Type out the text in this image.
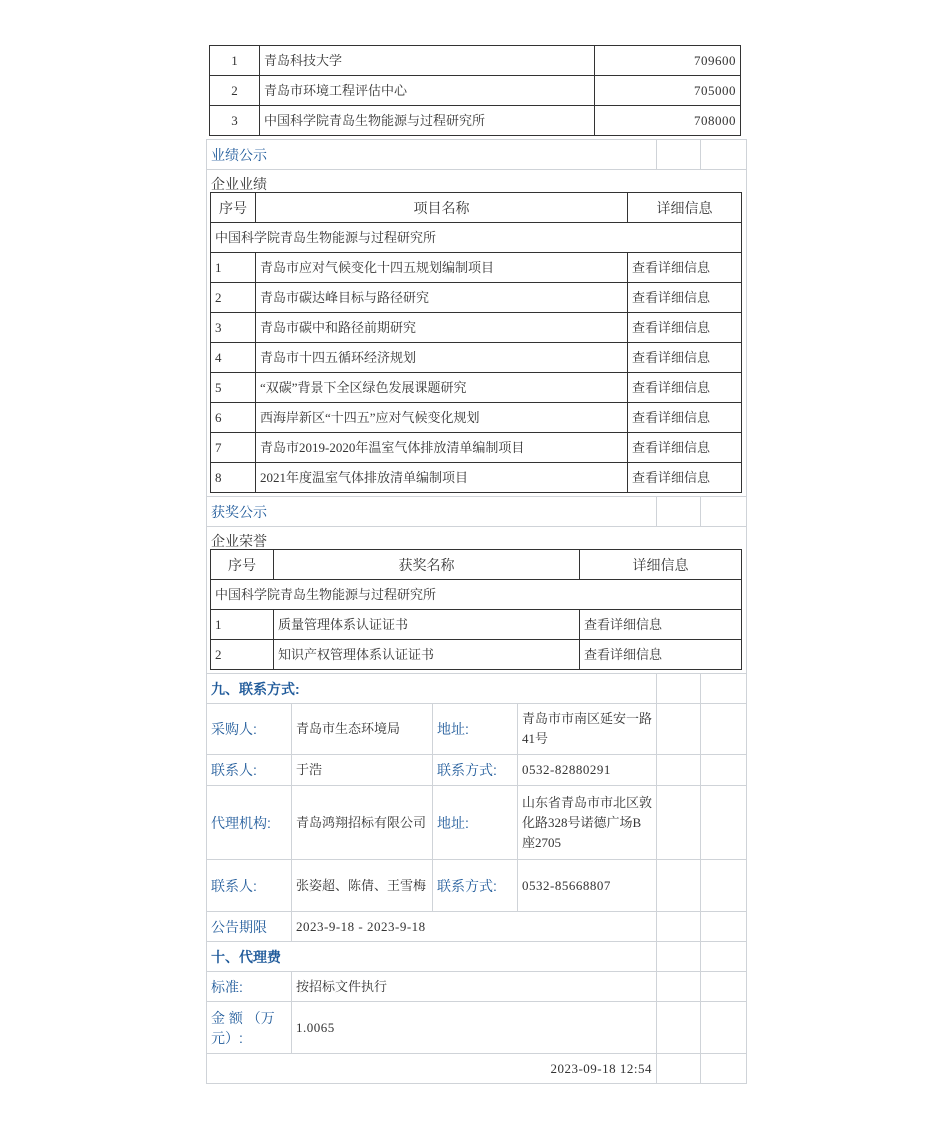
1	青岛科技大学	709600
2	青岛市环境工程评估中心	705000
3	中国科学院青岛生物能源与过程研究所	708000
业绩公示		

企业业绩
序号	项目名称	详细信息
中国科学院青岛生物能源与过程研究所
1	青岛市应对气候变化十四五规划编制项目	查看详细信息
2	青岛市碳达峰目标与路径研究	查看详细信息
3	青岛市碳中和路径前期研究	查看详细信息
4	青岛市十四五循环经济规划	查看详细信息
5	“双碳”背景下全区绿色发展课题研究	查看详细信息
6	西海岸新区“十四五”应对气候变化规划	查看详细信息
7	青岛市2019-2020年温室气体排放清单编制项目	查看详细信息
8	2021年度温室气体排放清单编制项目	查看详细信息

获奖公示		

企业荣誉
序号	获奖名称	详细信息
中国科学院青岛生物能源与过程研究所
1	质量管理体系认证证书	查看详细信息
2	知识产权管理体系认证证书	查看详细信息

九、联系方式:		
采购人:	青岛市生态环境局	地址:	青岛市市南区延安一路41号		
联系人:	于浩	联系方式:	0532-82880291		
代理机构:	青岛鸿翔招标有限公司	地址:	山东省青岛市市北区敦化路328号诺德广场B座2705		
联系人:	张姿超、陈倩、王雪梅	联系方式:	0532-85668807		
公告期限	2023-9-18 - 2023-9-18		
十、代理费		
标准:	按招标文件执行		
金 额 （万元）:	1.0065		
2023-09-18 12:54		
